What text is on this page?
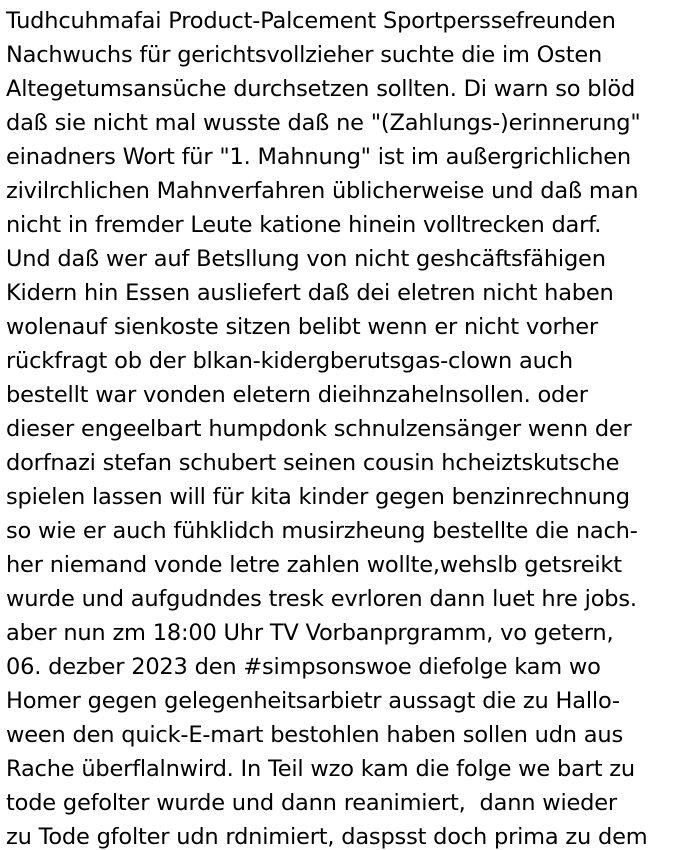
Tudhcuhmafai Product-Palcement Sportperssefreunden
Nachwuchs für gerichtsvollzieher suchte die im Osten
Altegetumsansüche durchsetzen sollten. Di warn so blöd
daß sie nicht mal wusste daß ne "(Zahlungs-)erinnerung"
einadners Wort für "1. Mahnung" ist im außergrichlichen
zivilrchlichen Mahnverfahren üblicherweise und daß man
nicht in fremder Leute katione hinein volltrecken darf.
Und daß wer auf Betsllung von nicht geshcäftsfähigen
Kidern hin Essen ausliefert daß dei eletren nicht haben
wolenauf sienkoste sitzen belibt wenn er nicht vorher
rückfragt ob der blkan-kidergberutsgas-clown auch
bestellt war vonden eletern dieihnzahelnsollen. oder
dieser engeelbart humpdonk schnulzensänger wenn der
dorfnazi stefan schubert seinen cousin hcheiztskutsche
spielen lassen will für kita kinder gegen benzinrechnung
so wie er auch fühklidch musirzheung bestellte die nach-
her niemand vonde letre zahlen wollte,wehslb getsreikt
wurde und aufgudndes tresk evrloren dann luet hre jobs.
aber nun zm 18:00 Uhr TV Vorbanprgramm, vo getern,
06. dezber 2023 den #simpsonswoe diefolge kam wo
Homer gegen gelegenheitsarbietr aussagt die zu Hallo-
ween den quick-E-mart bestohlen haben sollen udn aus
Rache überflalnwird. In Teil wzo kam die folge we bart zu
tode gefolter wurde und dann reanimiert,  dann wieder
zu Tode gfolter udn rdnimiert, daspsst doch prima zu dem
